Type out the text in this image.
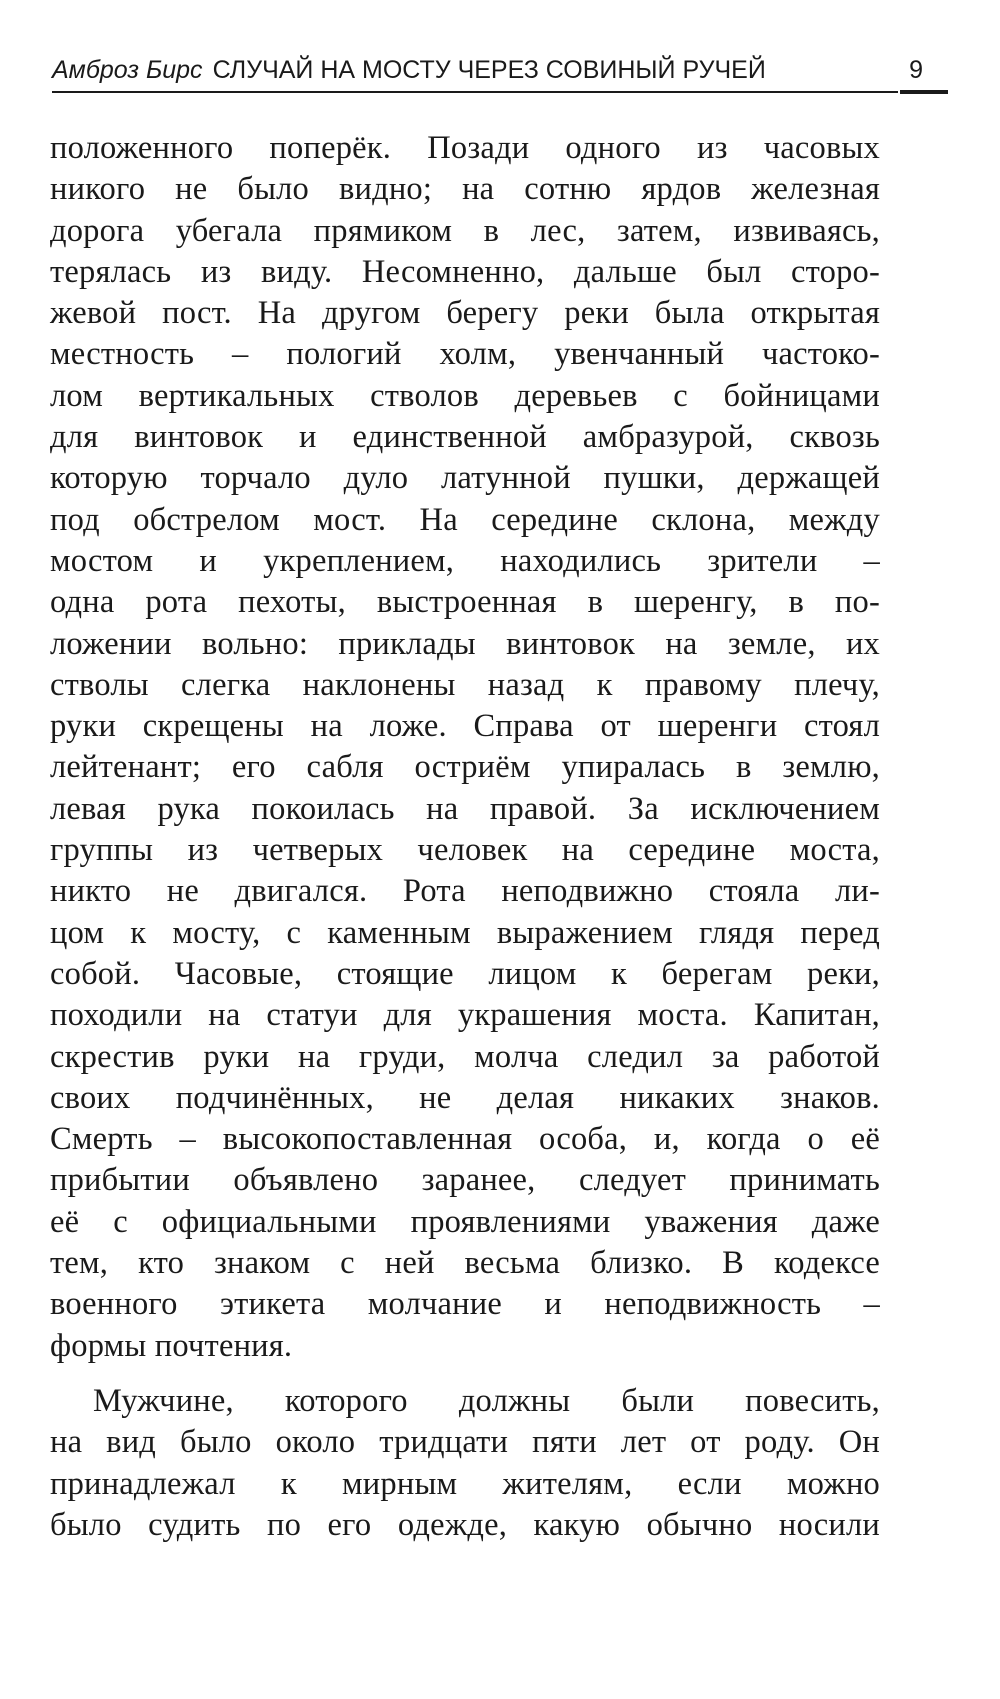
Амброз Бирс СЛУЧАЙ НА МОСТУ ЧЕРЕЗ СОВИНЫЙ РУЧЕЙ	9

положенного поперёк. Позади одного из часовых
никого не было видно; на сотню ярдов железная
дорога убегала прямиком в лес, затем, извиваясь,
терялась из виду. Несомненно, дальше был сторо-
жевой пост. На другом берегу реки была открытая
местность – пологий холм, увенчанный частоко-
лом вертикальных стволов деревьев с бойницами
для винтовок и единственной амбразурой, сквозь
которую торчало дуло латунной пушки, держащей
под обстрелом мост. На середине склона, между
мостом и укреплением, находились зрители –
одна рота пехоты, выстроенная в шеренгу, в по-
ложении вольно: приклады винтовок на земле, их
стволы слегка наклонены назад к правому плечу,
руки скрещены на ложе. Справа от шеренги стоял
лейтенант; его сабля остриём упиралась в землю,
левая рука покоилась на правой. За исключением
группы из четверых человек на середине моста,
никто не двигался. Рота неподвижно стояла ли-
цом к мосту, с каменным выражением глядя перед
собой. Часовые, стоящие лицом к берегам реки,
походили на статуи для украшения моста. Капитан,
скрестив руки на груди, молча следил за работой
своих подчинённых, не делая никаких знаков.
Смерть – высокопоставленная особа, и, когда о её
прибытии объявлено заранее, следует принимать
её с официальными проявлениями уважения даже
тем, кто знаком с ней весьма близко. В кодексе
военного этикета молчание и неподвижность –
формы почтения.

Мужчине, которого должны были повесить,
на вид было около тридцати пяти лет от роду. Он
принадлежал к мирным жителям, если можно
было судить по его одежде, какую обычно носили
